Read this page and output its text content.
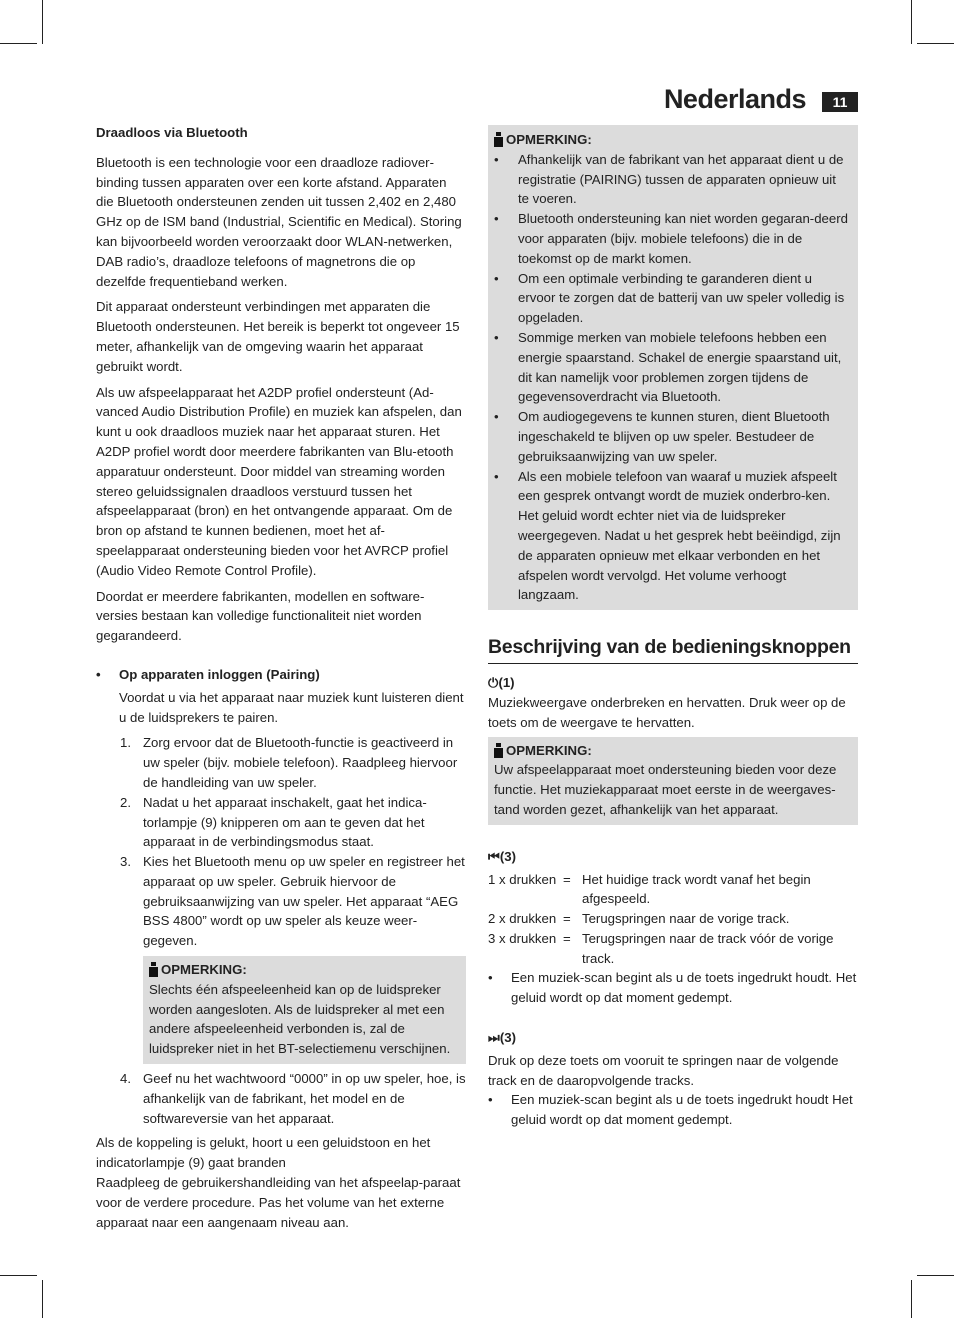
Nederlands	11

Draadloos via Bluetooth

Bluetooth is een technologie voor een draadloze radiover-binding tussen apparaten over een korte afstand. Apparaten die Bluetooth ondersteunen zenden uit tussen 2,402 en 2,480 GHz op de ISM band (Industrial, Scientific en Medical). Storing kan bijvoorbeeld worden veroorzaakt door WLAN-netwerken, DAB radio’s, draadloze telefoons of magnetrons die op dezelfde frequentieband werken.

Dit apparaat ondersteunt verbindingen met apparaten die Bluetooth ondersteunen. Het bereik is beperkt tot ongeveer 15 meter, afhankelijk van de omgeving waarin het apparaat gebruikt wordt.

Als uw afspeelapparaat het A2DP profiel ondersteunt (Ad-vanced Audio Distribution Profile) en muziek kan afspelen, dan kunt u ook draadloos muziek naar het apparaat sturen. Het A2DP profiel wordt door meerdere fabrikanten van Blu-etooth apparatuur ondersteunt. Door middel van streaming worden stereo geluidssignalen draadloos verstuurd tussen het afspeelapparaat (bron) en het ontvangende apparaat. Om de bron op afstand te kunnen bedienen, moet het af-speelapparaat ondersteuning bieden voor het AVRCP profiel (Audio Video Remote Control Profile).

Doordat er meerdere fabrikanten, modellen en software-versies bestaan kan volledige functionaliteit niet worden gegarandeerd.

• Op apparaten inloggen (Pairing)

Voordat u via het apparaat naar muziek kunt luisteren dient u de luidsprekers te pairen.

1. Zorg ervoor dat de Bluetooth-functie is geactiveerd in uw speler (bijv. mobiele telefoon). Raadpleeg hiervoor de handleiding van uw speler.
2. Nadat u het apparaat inschakelt, gaat het indica-torlampje (9) knipperen om aan te geven dat het apparaat in de verbindingsmodus staat.
3. Kies het Bluetooth menu op uw speler en registreer het apparaat op uw speler. Gebruik hiervoor de gebruiksaanwijzing van uw speler. Het apparaat “AEG BSS 4800” wordt op uw speler als keuze weer-gegeven.
OPMERKING:

Slechts één afspeeleenheid kan op de luidspreker worden aangesloten. Als de luidspreker al met een andere afspeeleenheid verbonden is, zal de luidspreker niet in het BT-selectiemenu verschijnen.

4. Geef nu het wachtwoord “0000” in op uw speler, hoe, is afhankelijk van de fabrikant, het model en de softwareversie van het apparaat.

Als de koppeling is gelukt, hoort u een geluidstoon en het indicatorlampje (9) gaat branden

Raadpleeg de gebruikershandleiding van het afspeelap-paraat voor de verdere procedure. Pas het volume van het externe apparaat naar een aangenaam niveau aan.

OPMERKING:
• Afhankelijk van de fabrikant van het apparaat dient u de registratie (PAIRING) tussen de apparaten opnieuw uit te voeren.
• Bluetooth ondersteuning kan niet worden gegaran-deerd voor apparaten (bijv. mobiele telefoons) die in de toekomst op de markt komen.
• Om een optimale verbinding te garanderen dient u ervoor te zorgen dat de batterij van uw speler volledig is opgeladen.
• Sommige merken van mobiele telefoons hebben een energie spaarstand. Schakel de energie spaarstand uit, dit kan namelijk voor problemen zorgen tijdens de gegevensoverdracht via Bluetooth.
• Om audiogegevens te kunnen sturen, dient Bluetooth ingeschakeld te blijven op uw speler. Bestudeer de gebruiksaanwijzing van uw speler.
• Als een mobiele telefoon van waaraf u muziek afspeelt een gesprek ontvangt wordt de muziek onderbro-ken. Het geluid wordt echter niet via de luidspreker weergegeven. Nadat u het gesprek hebt beëindigd, zijn de apparaten opnieuw met elkaar verbonden en het afspelen wordt vervolgd. Het volume verhoogt langzaam.
Beschrijving van de bedieningsknoppen
⏻(1)

Muziekweergave onderbreken en hervatten. Druk weer op de toets om de weergave te hervatten.

OPMERKING:

Uw afspeelapparaat moet ondersteuning bieden voor deze functie. Het muziekapparaat moet eerste in de weergaves-tand worden gezet, afhankelijk van het apparaat.

⏮(3)
1 x drukken = Het huidige track wordt vanaf het begin afgespeeld.
2 x drukken = Terugspringen naar de vorige track.
3 x drukken = Terugspringen naar de track vóór de vorige track.
• Een muziek-scan begint als u de toets ingedrukt houdt. Het geluid wordt op dat moment gedempt.
⏭(3)

Druk op deze toets om vooruit te springen naar de volgende track en de daaropvolgende tracks.

• Een muziek-scan begint als u de toets ingedrukt houdt Het geluid wordt op dat moment gedempt.
